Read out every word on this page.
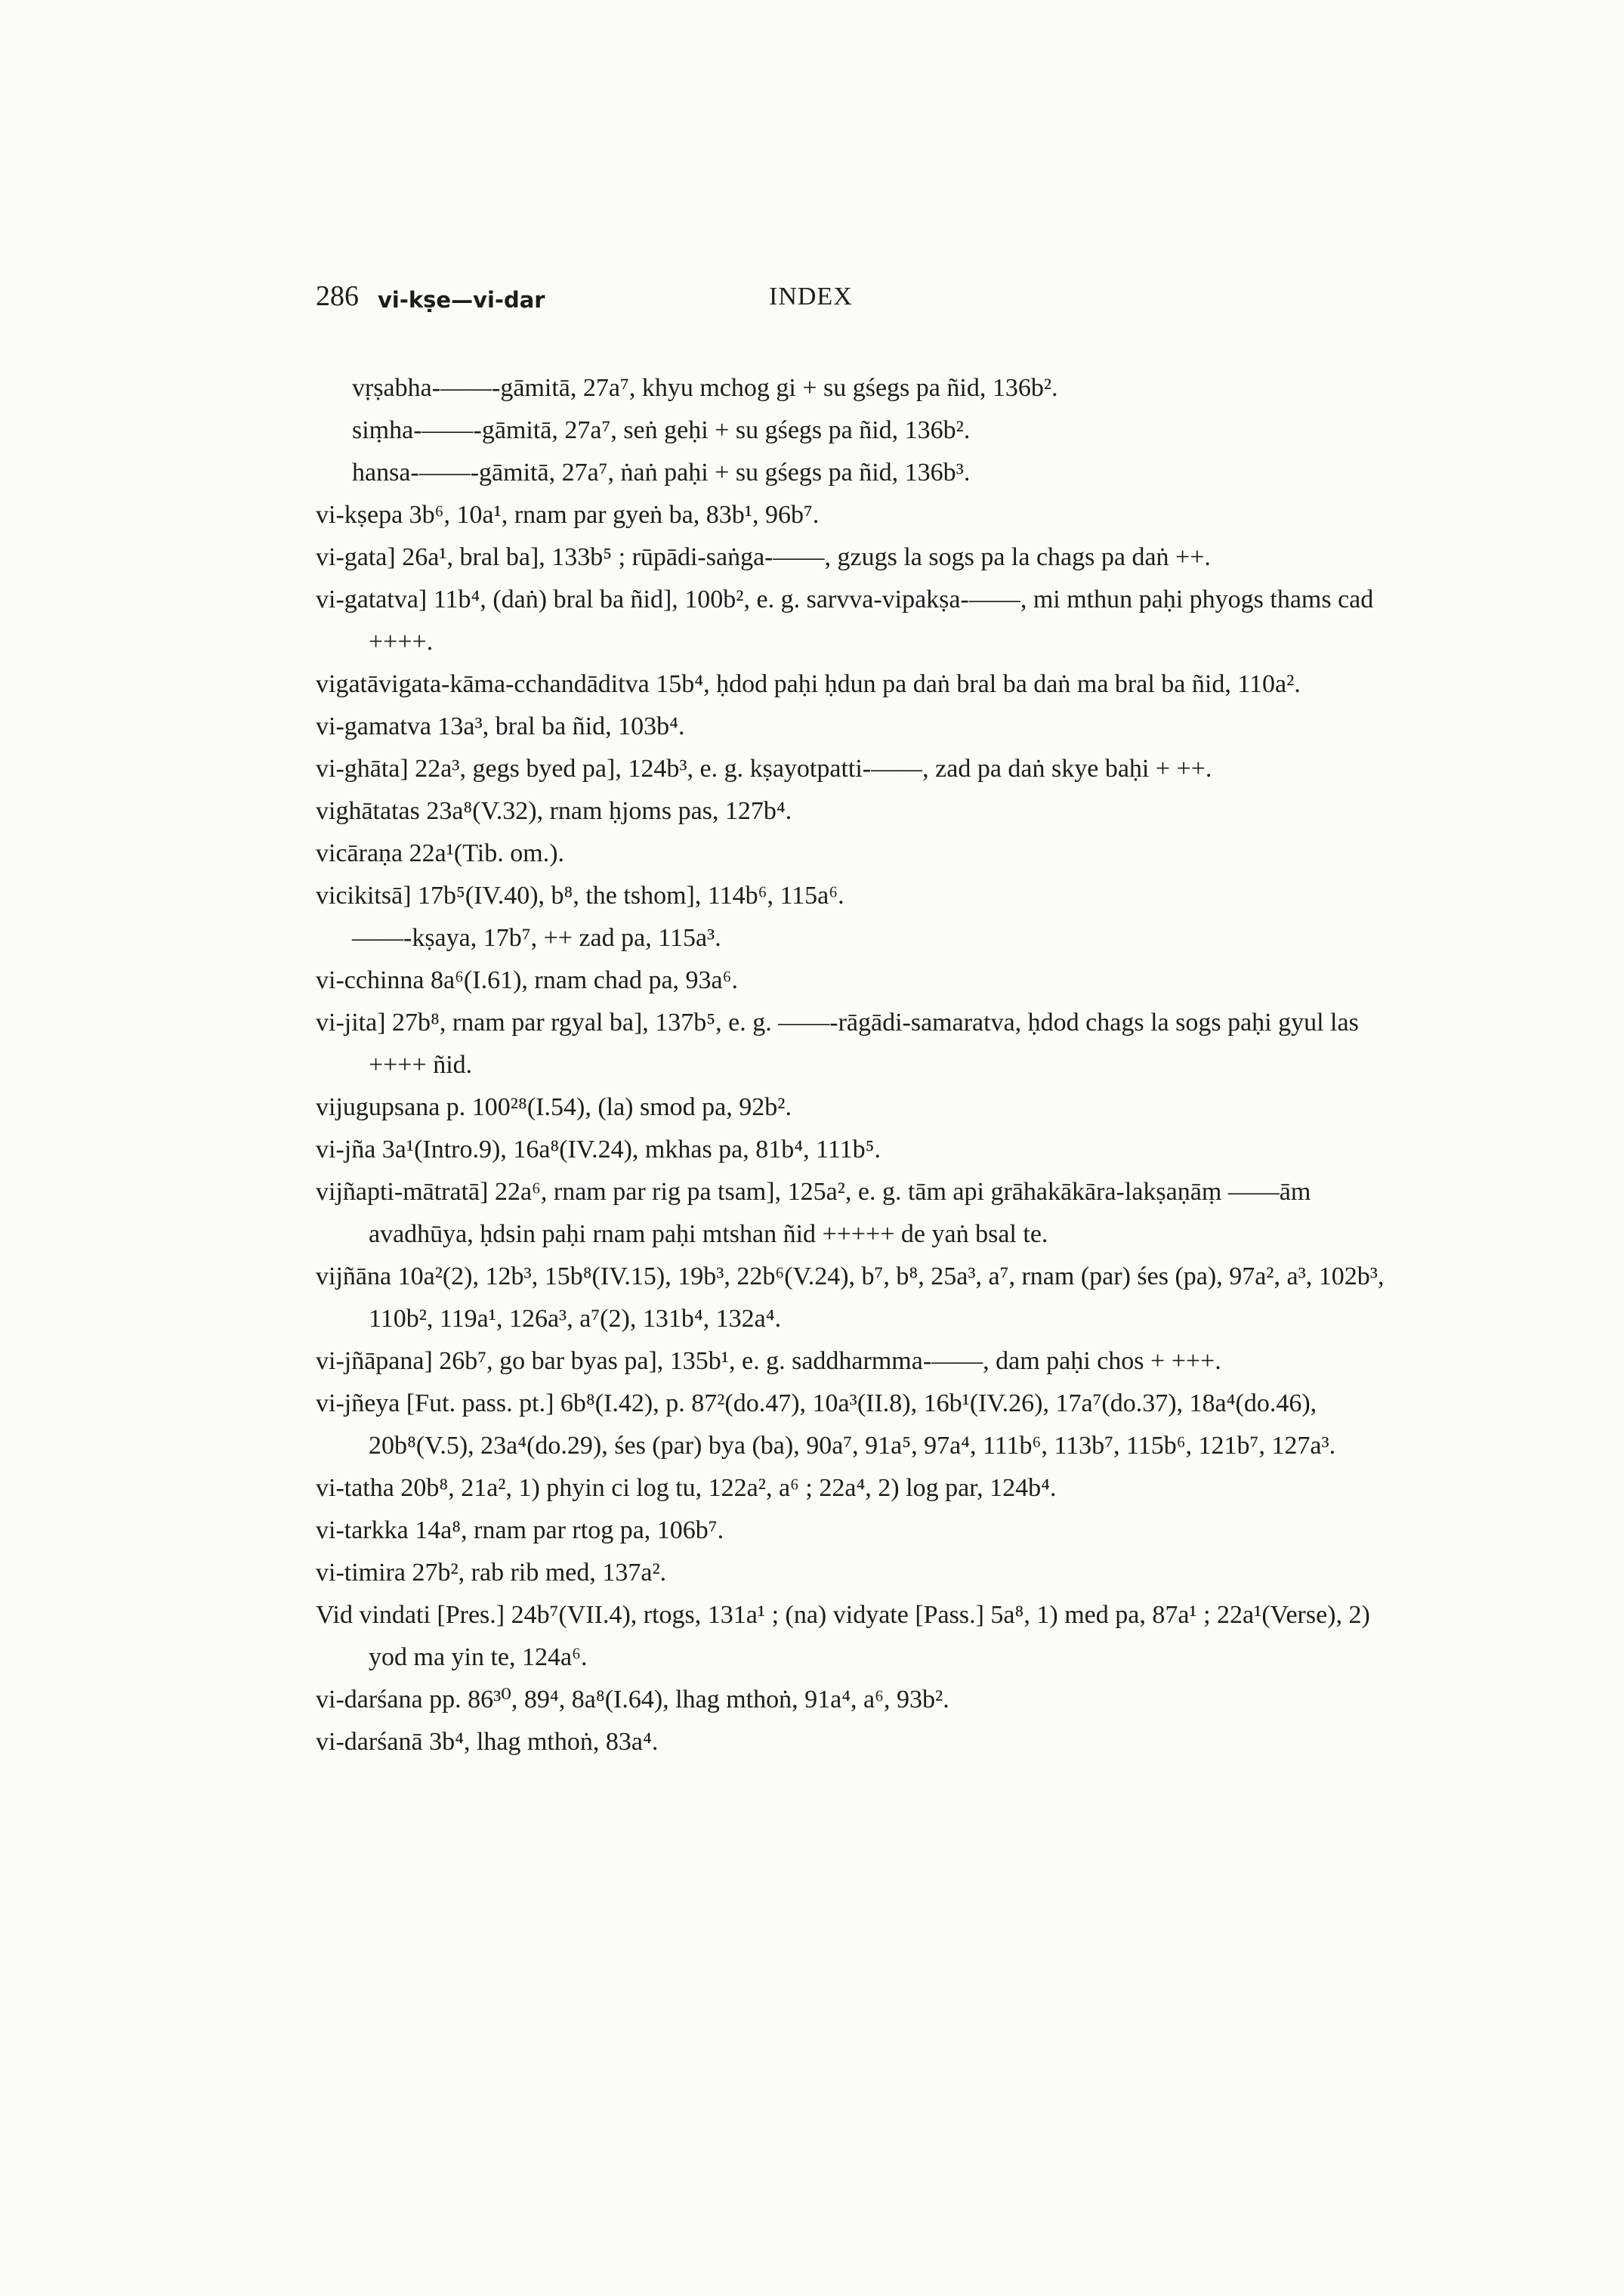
286 vi-kṣe—vi-dar	INDEX
vṛṣabha-——-gāmitā, 27a⁷, khyu mchog gi + su gśegs pa ñid, 136b².
siṃha-——-gāmitā, 27a⁷, seṅ geḥi + su gśegs pa ñid, 136b².
hansa-——-gāmitā, 27a⁷, ṅaṅ paḥi + su gśegs pa ñid, 136b³.
vi-kṣepa 3b⁶, 10a¹, rnam par gyeṅ ba, 83b¹, 96b⁷.
vi-gata] 26a¹, bral ba], 133b⁵ ; rūpādi-saṅga-——, gzugs la sogs pa la chags pa daṅ ++.
vi-gatatva] 11b⁴, (daṅ) bral ba ñid], 100b², e. g. sarvva-vipakṣa-——, mi mthun paḥi phyogs thams cad ++++.
vigatāvigata-kāma-cchandāditva 15b⁴, ḥdod paḥi ḥdun pa daṅ bral ba daṅ ma bral ba ñid, 110a².
vi-gamatva 13a³, bral ba ñid, 103b⁴.
vi-ghāta] 22a³, gegs byed pa], 124b³, e. g. kṣayotpatti-——, zad pa daṅ skye baḥi + ++.
vighātatas 23a⁸(V.32), rnam ḥjoms pas, 127b⁴.
vicāraṇa 22a¹(Tib. om.).
vicikitsā] 17b⁵(IV.40), b⁸, the tshom], 114b⁶, 115a⁶.
——-kṣaya, 17b⁷, ++ zad pa, 115a³.
vi-cchinna 8a⁶(I.61), rnam chad pa, 93a⁶.
vi-jita] 27b⁸, rnam par rgyal ba], 137b⁵, e. g. ——-rāgādi-samaratva, ḥdod chags la sogs paḥi gyul las ++++ ñid.
vijugupsana p. 100²⁸(I.54), (la) smod pa, 92b².
vi-jña 3a¹(Intro.9), 16a⁸(IV.24), mkhas pa, 81b⁴, 111b⁵.
vijñapti-mātratā] 22a⁶, rnam par rig pa tsam], 125a², e. g. tām api grāhakākāra-lakṣaṇāṃ ——ām avadhūya, ḥdsin paḥi rnam paḥi mtshan ñid +++++ de yaṅ bsal te.
vijñāna 10a²(2), 12b³, 15b⁸(IV.15), 19b³, 22b⁶(V.24), b⁷, b⁸, 25a³, a⁷, rnam (par) śes (pa), 97a², a³, 102b³, 110b², 119a¹, 126a³, a⁷(2), 131b⁴, 132a⁴.
vi-jñāpana] 26b⁷, go bar byas pa], 135b¹, e. g. saddharmma-——, dam paḥi chos + +++.
vi-jñeya [Fut. pass. pt.] 6b⁸(I.42), p. 87²(do.47), 10a³(II.8), 16b¹(IV.26), 17a⁷(do.37), 18a⁴(do.46), 20b⁸(V.5), 23a⁴(do.29), śes (par) bya (ba), 90a⁷, 91a⁵, 97a⁴, 111b⁶, 113b⁷, 115b⁶, 121b⁷, 127a³.
vi-tatha 20b⁸, 21a², 1) phyin ci log tu, 122a², a⁶ ; 22a⁴, 2) log par, 124b⁴.
vi-tarkka 14a⁸, rnam par rtog pa, 106b⁷.
vi-timira 27b², rab rib med, 137a².
Vid vindati [Pres.] 24b⁷(VII.4), rtogs, 131a¹ ; (na) vidyate [Pass.] 5a⁸, 1) med pa, 87a¹ ; 22a¹(Verse), 2) yod ma yin te, 124a⁶.
vi-darśana pp. 86³⁰, 89⁴, 8a⁸(I.64), lhag mthoṅ, 91a⁴, a⁶, 93b².
vi-darśanā 3b⁴, lhag mthoṅ, 83a⁴.
